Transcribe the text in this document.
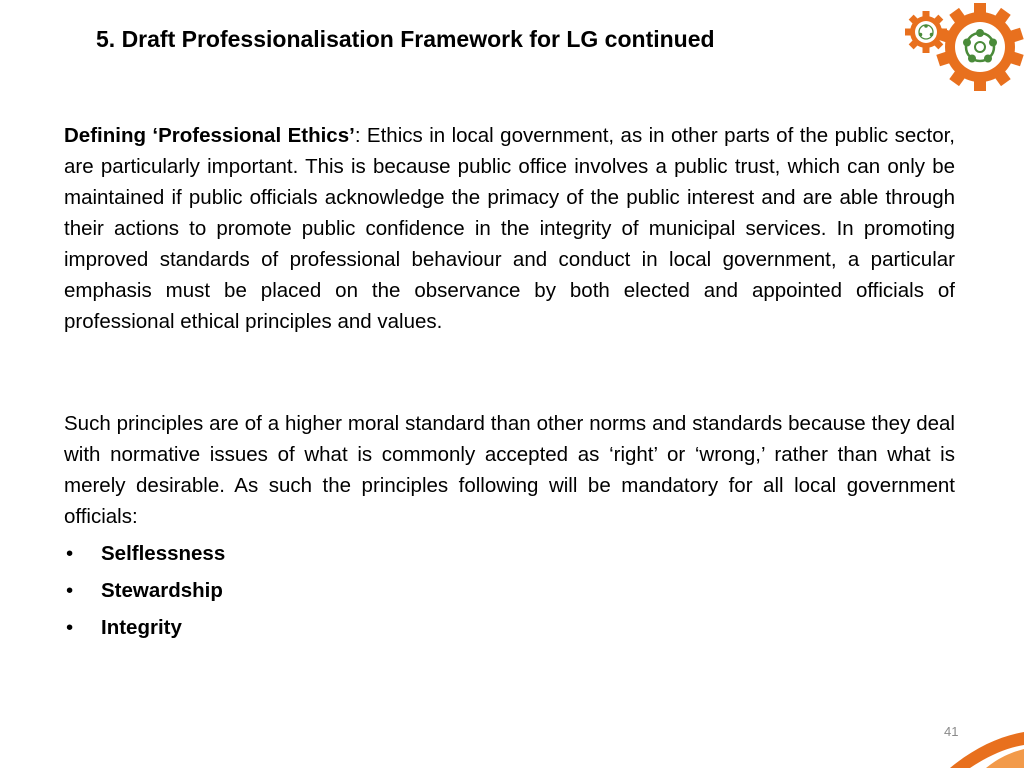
5. Draft Professionalisation Framework for LG continued
Defining ‘Professional Ethics’: Ethics in local government, as in other parts of the public sector, are particularly important. This is because public office involves a public trust, which can only be maintained if public officials acknowledge the primacy of the public interest and are able through their actions to promote public confidence in the integrity of municipal services. In promoting improved standards of professional behaviour and conduct in local government, a particular emphasis must be placed on the observance by both elected and appointed officials of professional ethical principles and values.
Such principles are of a higher moral standard than other norms and standards because they deal with normative issues of what is commonly accepted as ‘right’ or ‘wrong,’ rather than what is merely desirable. As such the principles following will be mandatory for all local government officials:
•	Selflessness
•	Stewardship
•	Integrity
41
